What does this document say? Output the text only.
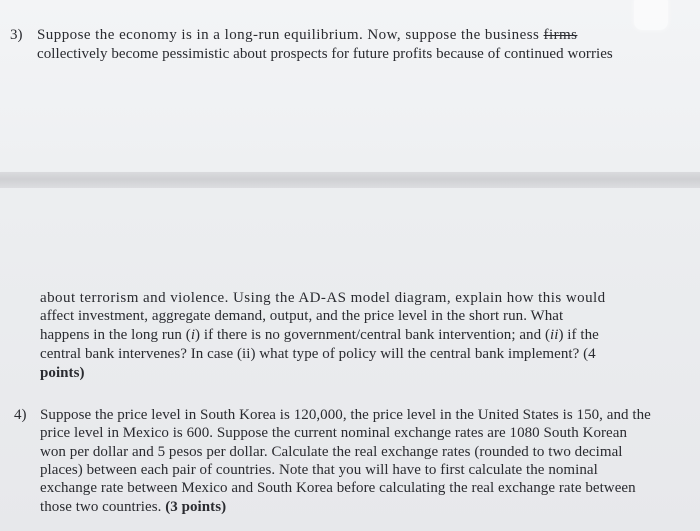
3) Suppose the economy is in a long-run equilibrium. Now, suppose the business firms
collectively become pessimistic about prospects for future profits because of continued worries
about terrorism and violence. Using the AD-AS model diagram, explain how this would
affect investment, aggregate demand, output, and the price level in the short run. What
happens in the long run (i) if there is no government/central bank intervention; and (ii) if the
central bank intervenes? In case (ii) what type of policy will the central bank implement? (4
points)
4) Suppose the price level in South Korea is 120,000, the price level in the United States is 150, and the
price level in Mexico is 600. Suppose the current nominal exchange rates are 1080 South Korean
won per dollar and 5 pesos per dollar. Calculate the real exchange rates (rounded to two decimal
places) between each pair of countries. Note that you will have to first calculate the nominal
exchange rate between Mexico and South Korea before calculating the real exchange rate between
those two countries. (3 points)
